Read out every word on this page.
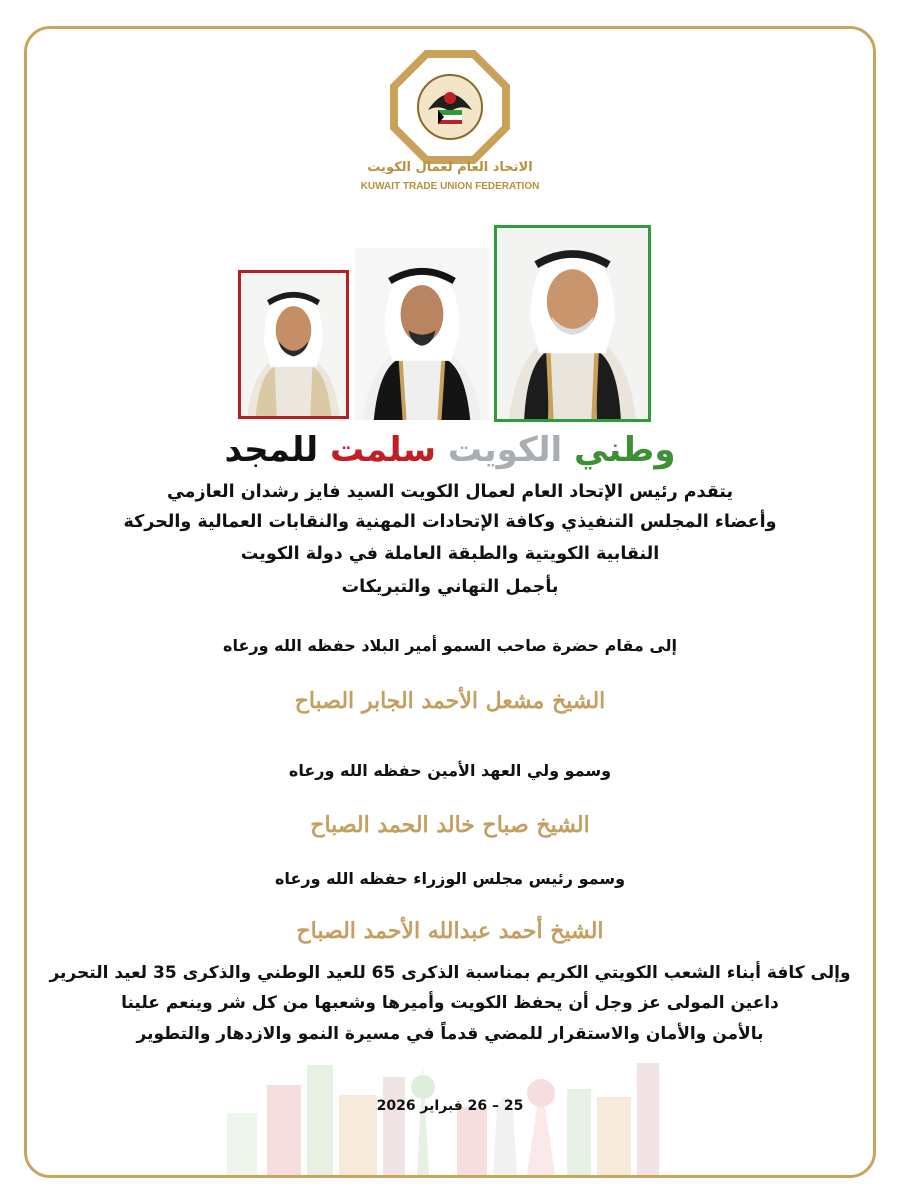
الاتحاد العام لعمال الكويت
KUWAIT TRADE UNION FEDERATION
وطني الكويت سلمت للمجد
يتقدم رئيس الإتحاد العام لعمال الكويت السيد فايز رشدان العازمي
وأعضاء المجلس التنفيذي وكافة الإتحادات المهنية والنقابات العمالية والحركة
النقابية الكويتية والطبقة العاملة في دولة الكويت
بأجمل التهاني والتبريكات
إلى مقام حضرة صاحب السمو أمير البلاد حفظه الله ورعاه
الشيخ مشعل الأحمد الجابر الصباح
وسمو ولي العهد الأمين حفظه الله ورعاه
الشيخ صباح خالد الحمد الصباح
وسمو رئيس مجلس الوزراء حفظه الله ورعاه
الشيخ أحمد عبدالله الأحمد الصباح
وإلى كافة أبناء الشعب الكويتي الكريم بمناسبة الذكرى 65 للعيد الوطني والذكرى 35 لعيد التحرير
داعين المولى عز وجل أن يحفظ الكويت وأميرها وشعبها من كل شر وينعم علينا
بالأمن والأمان والاستقرار للمضي قدماً في مسيرة النمو والازدهار والتطوير
25 – 26 فبراير 2026
